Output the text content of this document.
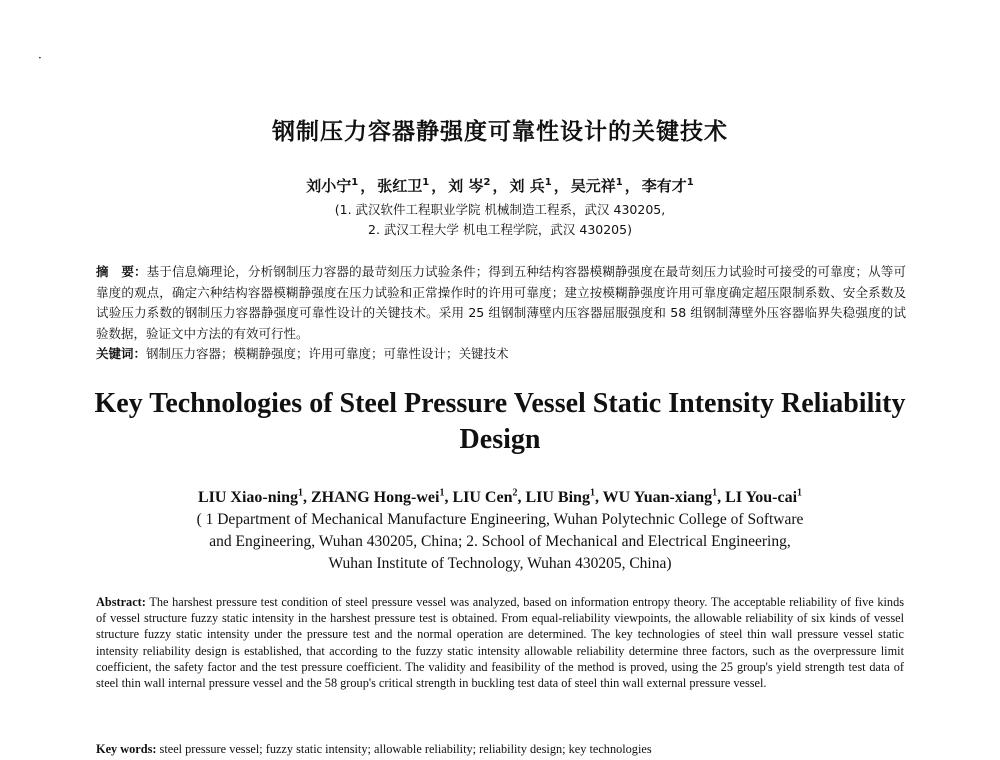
·
钢制压力容器静强度可靠性设计的关键技术
刘小宁$^1$ ， 张红卫$^1$ ， 刘 岑$^2$ ， 刘 兵$^1$ ， 吴元祥$^1$ ， 李有才$^1$
(1. 武汉软件工程职业学院 机械制造工程系，武汉 430205,
2. 武汉工程大学 机电工程学院，武汉 430205)
摘　要：基于信息熵理论，分析钢制压力容器的最苛刻压力试验条件；得到五种结构容器模糊静强度在最苛刻压力试验时可接受的可靠度；从等可靠度的观点，确定六种结构容器模糊静强度在压力试验和正常操作时的许用可靠度；建立按模糊静强度许用可靠度确定超压限制系数、安全系数及试验压力系数的钢制压力容器静强度可靠性设计的关键技术。采用 25 组钢制薄壁内压容器屈服强度和 58 组钢制薄壁外压容器临界失稳强度的试验数据，验证文中方法的有效可行性。
关键词：钢制压力容器；模糊静强度；许用可靠度；可靠性设计；关键技术
Key Technologies of Steel Pressure Vessel Static Intensity Reliability Design
LIU Xiao-ning$^1$, ZHANG Hong-wei$^1$, LIU Cen$^2$, LIU Bing$^1$, WU Yuan-xiang$^1$, LI You-cai$^1$
( 1 Department of Mechanical Manufacture Engineering, Wuhan Polytechnic College of Software
and Engineering, Wuhan 430205, China; 2. School of Mechanical and Electrical Engineering,
Wuhan Institute of Technology, Wuhan 430205, China)
Abstract: The harshest pressure test condition of steel pressure vessel was analyzed, based on information entropy theory. The acceptable reliability of five kinds of vessel structure fuzzy static intensity in the harshest pressure test is obtained. From equal-reliability viewpoints, the allowable reliability of six kinds of vessel structure fuzzy static intensity under the pressure test and the normal operation are determined. The key technologies of steel thin wall pressure vessel static intensity reliability design is established, that according to the fuzzy static intensity allowable reliability determine three factors, such as the overpressure limit coefficient, the safety factor and the test pressure coefficient. The validity and feasibility of the method is proved, using the 25 group's yield strength test data of steel thin wall internal pressure vessel and the 58 group's critical strength in buckling test data of steel thin wall external pressure vessel.
Key words: steel pressure vessel; fuzzy static intensity; allowable reliability; reliability design; key technologies
